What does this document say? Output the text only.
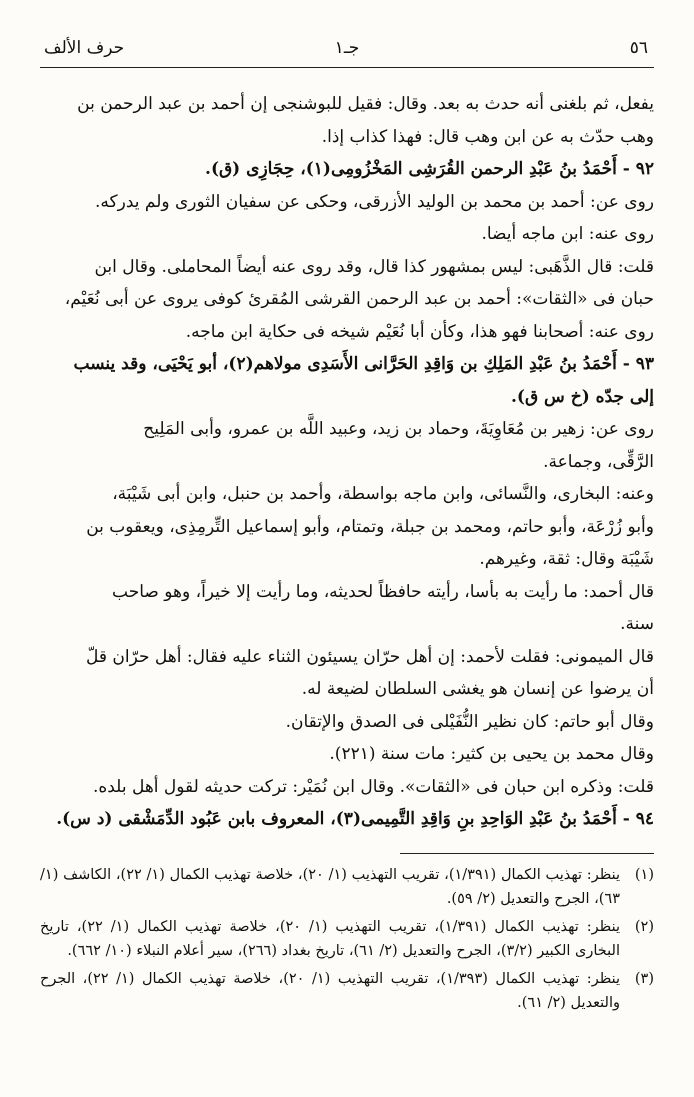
٥٦
جـ١
حرف الألف

يفعل، ثم بلغنى أنه حدث به بعد. وقال: فقيل للبوشنجى إن أحمد بن عبد الرحمن بن

وهب حدّث به عن ابن وهب قال: فهذا كذاب إذا.

٩٢ - أَحْمَدُ بنُ عَبْدِ الرحمن القُرَشِى المَخْزُومِى(١)، حِجَازِى (ق).

روى عن: أحمد بن محمد بن الوليد الأزرقى، وحكى عن سفيان الثورى ولم يدركه.

روى عنه: ابن ماجه أيضا.

قلت: قال الذَّهَبى: ليس بمشهور كذا قال، وقد روى عنه أيضاً المحاملى. وقال ابن

حبان فى «الثقات»: أحمد بن عبد الرحمن القرشى المُقرئ كوفى يروى عن أبى نُعَيْم،

روى عنه: أصحابنا فهو هذا، وكأن أبا نُعَيْم شيخه فى حكاية ابن ماجه.

٩٣ - أَحْمَدُ بنُ عَبْدِ المَلِكِ بن وَاقِدِ الحَرَّانى الأَسَدِى مولاهم(٢)، أبو يَحْيَى، وقد ينسب

إلى جدّه (خ س ق).

روى عن: زهير بن مُعَاوِيَةَ، وحماد بن زيد، وعبيد اللَّه بن عمرو، وأبى المَلِيح

الرَّقِّى، وجماعة.

وعنه: البخارى، والنَّسائى، وابن ماجه بواسطة، وأحمد بن حنبل، وابن أبى شَيْبَة،

وأبو زُرْعَة، وأبو حاتم، ومحمد بن جبلة، وتمتام، وأبو إسماعيل التِّرمِذِى، ويعقوب بن

شَيْبَة وقال: ثقة، وغيرهم.

قال أحمد: ما رأيت به بأسا، رأيته حافظاً لحديثه، وما رأيت إلا خيراً، وهو صاحب

سنة.

قال الميمونى: فقلت لأحمد: إن أهل حرّان يسيئون الثناء عليه فقال: أهل حرّان قلّ

أن يرضوا عن إنسان هو يغشى السلطان لضيعة له.

وقال أبو حاتم: كان نظير النُّفَيْلى فى الصدق والإتقان.

وقال محمد بن يحيى بن كثير: مات سنة (٢٢١).

قلت: وذكره ابن حبان فى «الثقات». وقال ابن نُمَيْر: تركت حديثه لقول أهل بلده.

٩٤ - أَحْمَدُ بنُ عَبْدِ الوَاحِدِ بنِ وَاقِدِ التَّمِيمى(٣)، المعروف بابن عَبُود الدِّمَشْقى (د س).

(١)
ينظر: تهذيب الكمال (١/٣٩١)، تقريب التهذيب (١/ ٢٠)، خلاصة تهذيب الكمال (١/ ٢٢)، الكاشف (١/ ٦٣)، الجرح والتعديل (٢/ ٥٩).
(٢)
ينظر: تهذيب الكمال (١/٣٩١)، تقريب التهذيب (١/ ٢٠)، خلاصة تهذيب الكمال (١/ ٢٢)، تاريخ البخارى الكبير (٣/٢)، الجرح والتعديل (٢/ ٦١)، تاريخ بغداد (٢٦٦)، سير أعلام النبلاء (١٠/ ٦٦٢).
(٣)
ينظر: تهذيب الكمال (١/٣٩٣)، تقريب التهذيب (١/ ٢٠)، خلاصة تهذيب الكمال (١/ ٢٢)، الجرح والتعديل (٢/ ٦١).
